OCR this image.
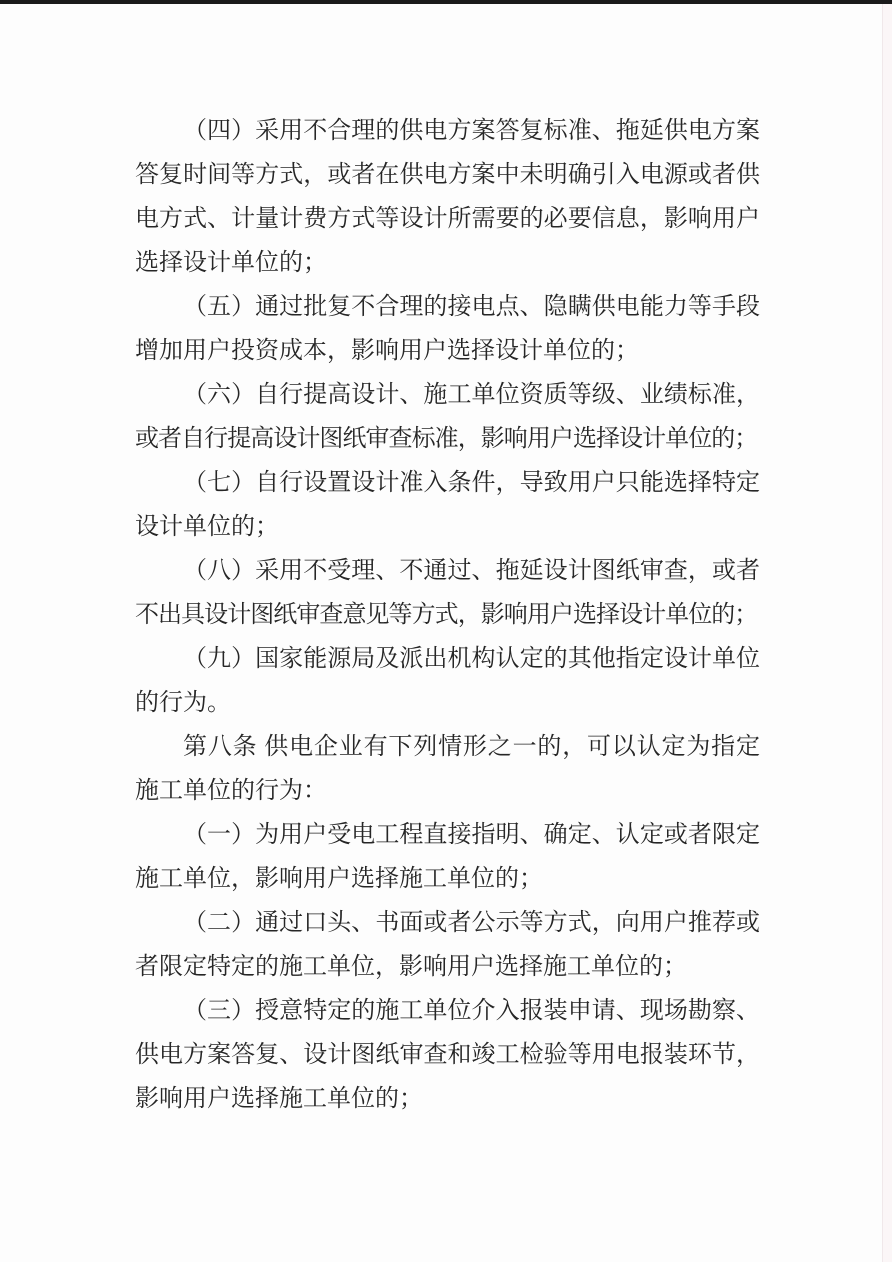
（四）采用不合理的供电方案答复标准、拖延供电方案
答复时间等方式，或者在供电方案中未明确引入电源或者供
电方式、计量计费方式等设计所需要的必要信息，影响用户
选择设计单位的；
（五）通过批复不合理的接电点、隐瞒供电能力等手段
增加用户投资成本，影响用户选择设计单位的；
（六）自行提高设计、施工单位资质等级、业绩标准，
或者自行提高设计图纸审查标准，影响用户选择设计单位的；
（七）自行设置设计准入条件，导致用户只能选择特定
设计单位的；
（八）采用不受理、不通过、拖延设计图纸审查，或者
不出具设计图纸审查意见等方式，影响用户选择设计单位的；
（九）国家能源局及派出机构认定的其他指定设计单位
的行为。
第八条 供电企业有下列情形之一的，可以认定为指定
施工单位的行为：
（一）为用户受电工程直接指明、确定、认定或者限定
施工单位，影响用户选择施工单位的；
（二）通过口头、书面或者公示等方式，向用户推荐或
者限定特定的施工单位，影响用户选择施工单位的；
（三）授意特定的施工单位介入报装申请、现场勘察、
供电方案答复、设计图纸审查和竣工检验等用电报装环节，
影响用户选择施工单位的；
